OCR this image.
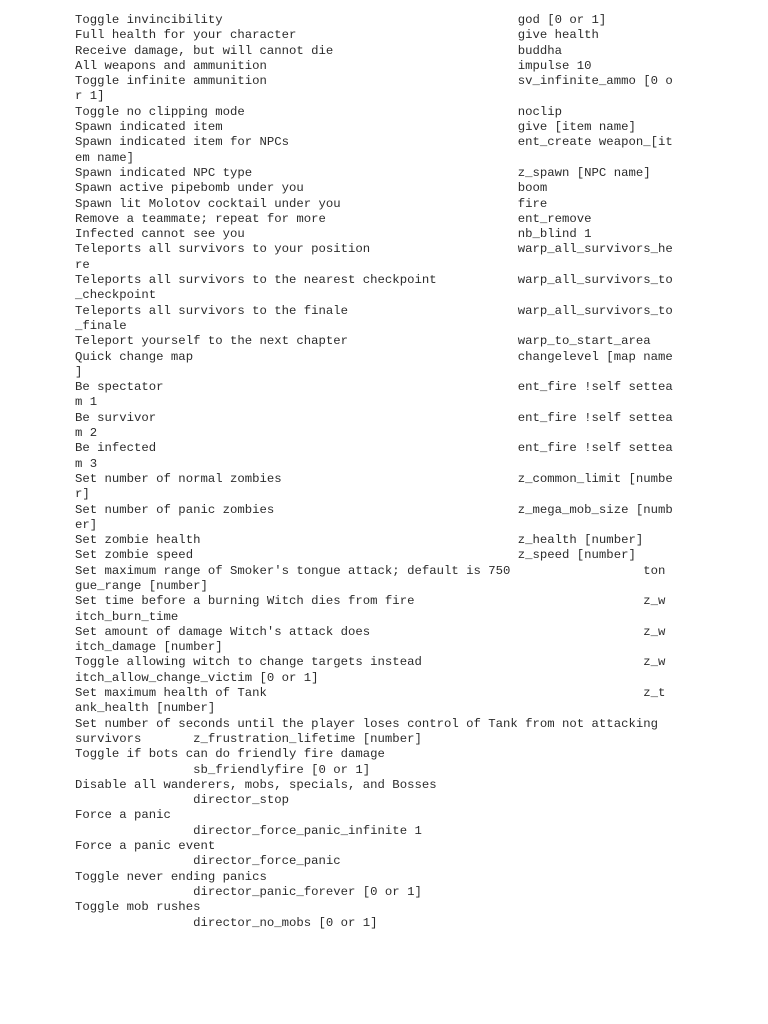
Toggle invincibility                                        god [0 or 1]
Full health for your character                              give health
Receive damage, but will cannot die                         buddha
All weapons and ammunition                                  impulse 10
Toggle infinite ammunition                                  sv_infinite_ammo [0 o
r 1]
Toggle no clipping mode                                     noclip
Spawn indicated item                                        give [item name]
Spawn indicated item for NPCs                               ent_create weapon_[it
em name]
Spawn indicated NPC type                                    z_spawn [NPC name]
Spawn active pipebomb under you                             boom
Spawn lit Molotov cocktail under you                        fire
Remove a teammate; repeat for more                          ent_remove
Infected cannot see you                                     nb_blind 1
Teleports all survivors to your position                    warp_all_survivors_he
re
Teleports all survivors to the nearest checkpoint           warp_all_survivors_to
_checkpoint
Teleports all survivors to the finale                       warp_all_survivors_to
_finale
Teleport yourself to the next chapter                       warp_to_start_area
Quick change map                                            changelevel [map name
]
Be spectator                                                ent_fire !self settea
m 1
Be survivor                                                 ent_fire !self settea
m 2
Be infected                                                 ent_fire !self settea
m 3
Set number of normal zombies                                z_common_limit [numbe
r]
Set number of panic zombies                                 z_mega_mob_size [numb
er]
Set zombie health                                           z_health [number]
Set zombie speed                                            z_speed [number]
Set maximum range of Smoker's tongue attack; default is 750                  ton
gue_range [number]
Set time before a burning Witch dies from fire                               z_w
itch_burn_time
Set amount of damage Witch's attack does                                     z_w
itch_damage [number]
Toggle allowing witch to change targets instead                              z_w
itch_allow_change_victim [0 or 1]
Set maximum health of Tank                                                   z_t
ank_health [number]
Set number of seconds until the player loses control of Tank from not attacking
survivors       z_frustration_lifetime [number]
Toggle if bots can do friendly fire damage
sb_friendlyfire [0 or 1]
Disable all wanderers, mobs, specials, and Bosses
director_stop
Force a panic
director_force_panic_infinite 1
Force a panic event
director_force_panic
Toggle never ending panics
director_panic_forever [0 or 1]
Toggle mob rushes
director_no_mobs [0 or 1]
